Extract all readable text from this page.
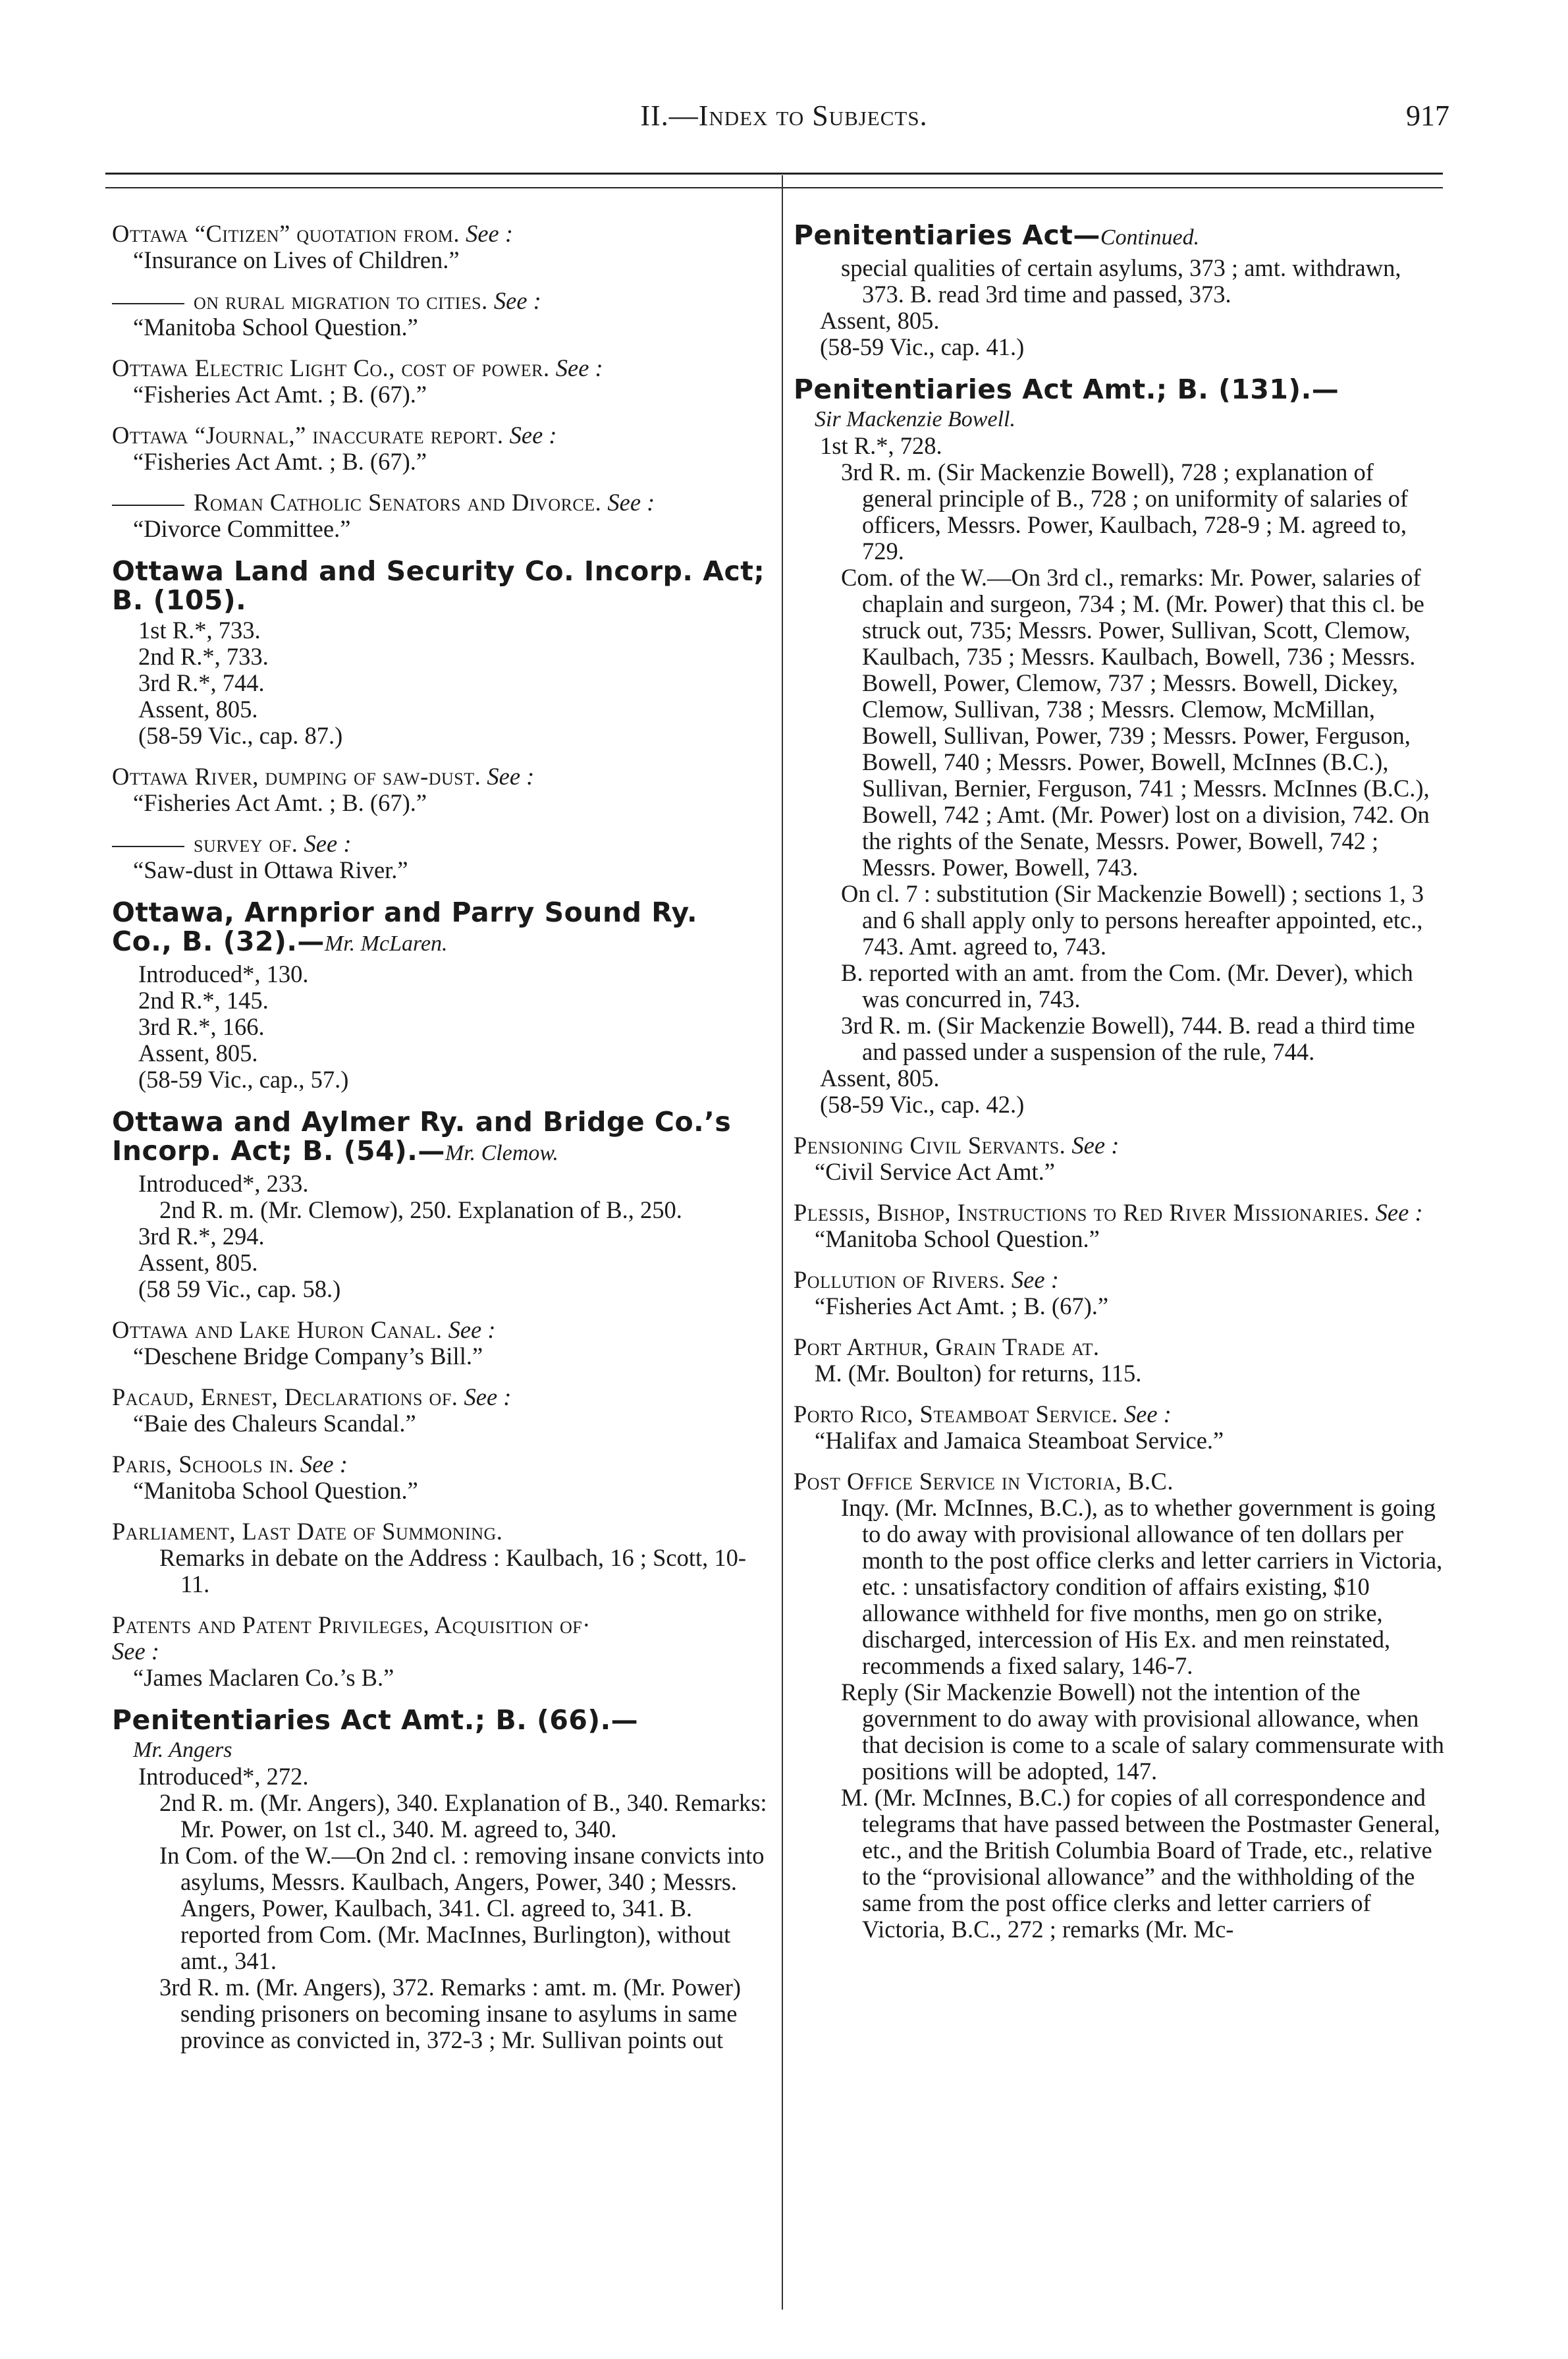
II.—Index to Subjects.	917
Ottawa “Citizen” quotation from. See :
“Insurance on Lives of Children.”
on rural migration to cities. See :
“Manitoba School Question.”
Ottawa Electric Light Co., cost of power. See :
“Fisheries Act Amt. ; B. (67).”
Ottawa “Journal,” inaccurate report. See :
“Fisheries Act Amt. ; B. (67).”
Roman Catholic Senators and Divorce. See :
“Divorce Committee.”
Ottawa Land and Security Co. Incorp. Act; B. (105).
1st R.*, 733.
2nd R.*, 733.
3rd R.*, 744.
Assent, 805.
(58-59 Vic., cap. 87.)
Ottawa River, dumping of saw-dust. See :
“Fisheries Act Amt. ; B. (67).”
survey of. See :
“Saw-dust in Ottawa River.”
Ottawa, Arnprior and Parry Sound Ry. Co., B. (32).—Mr. McLaren.
Introduced*, 130.
2nd R.*, 145.
3rd R.*, 166.
Assent, 805.
(58-59 Vic., cap., 57.)
Ottawa and Aylmer Ry. and Bridge Co.’s Incorp. Act; B. (54).—Mr. Clemow.
Introduced*, 233.
2nd R. m. (Mr. Clemow), 250. Explanation of B., 250.
3rd R.*, 294.
Assent, 805.
(58 59 Vic., cap. 58.)
Ottawa and Lake Huron Canal. See :
“Deschene Bridge Company’s Bill.”
Pacaud, Ernest, Declarations of. See :
“Baie des Chaleurs Scandal.”
Paris, Schools in. See :
“Manitoba School Question.”
Parliament, Last Date of Summoning.
Remarks in debate on the Address : Kaulbach, 16 ; Scott, 10-11.
Patents and Patent Privileges, Acquisition of·
See :
“James Maclaren Co.’s B.”
Penitentiaries Act Amt.; B. (66).—
Mr. Angers
Introduced*, 272.
2nd R. m. (Mr. Angers), 340. Explanation of B., 340. Remarks: Mr. Power, on 1st cl., 340. M. agreed to, 340.
In Com. of the W.—On 2nd cl. : removing insane convicts into asylums, Messrs. Kaulbach, Angers, Power, 340 ; Messrs. Angers, Power, Kaulbach, 341. Cl. agreed to, 341. B. reported from Com. (Mr. MacInnes, Burlington), without amt., 341.
3rd R. m. (Mr. Angers), 372. Remarks : amt. m. (Mr. Power) sending prisoners on becoming insane to asylums in same province as convicted in, 372-3 ; Mr. Sullivan points out
Penitentiaries Act—Continued.
special qualities of certain asylums, 373 ; amt. withdrawn, 373. B. read 3rd time and passed, 373.
Assent, 805.
(58-59 Vic., cap. 41.)
Penitentiaries Act Amt.; B. (131).—
Sir Mackenzie Bowell.
1st R.*, 728.
3rd R. m. (Sir Mackenzie Bowell), 728 ; explanation of general principle of B., 728 ; on uniformity of salaries of officers, Messrs. Power, Kaulbach, 728-9 ; M. agreed to, 729.
Com. of the W.—On 3rd cl., remarks: Mr. Power, salaries of chaplain and surgeon, 734 ; M. (Mr. Power) that this cl. be struck out, 735; Messrs. Power, Sullivan, Scott, Clemow, Kaulbach, 735 ; Messrs. Kaulbach, Bowell, 736 ; Messrs. Bowell, Power, Clemow, 737 ; Messrs. Bowell, Dickey, Clemow, Sullivan, 738 ; Messrs. Clemow, McMillan, Bowell, Sullivan, Power, 739 ; Messrs. Power, Ferguson, Bowell, 740 ; Messrs. Power, Bowell, McInnes (B.C.), Sullivan, Bernier, Ferguson, 741 ; Messrs. McInnes (B.C.), Bowell, 742 ; Amt. (Mr. Power) lost on a division, 742. On the rights of the Senate, Messrs. Power, Bowell, 742 ; Messrs. Power, Bowell, 743.
On cl. 7 : substitution (Sir Mackenzie Bowell) ; sections 1, 3 and 6 shall apply only to persons hereafter appointed, etc., 743. Amt. agreed to, 743.
B. reported with an amt. from the Com. (Mr. Dever), which was concurred in, 743.
3rd R. m. (Sir Mackenzie Bowell), 744. B. read a third time and passed under a suspension of the rule, 744.
Assent, 805.
(58-59 Vic., cap. 42.)
Pensioning Civil Servants. See :
“Civil Service Act Amt.”
Plessis, Bishop, Instructions to Red River Missionaries. See :
“Manitoba School Question.”
Pollution of Rivers. See :
“Fisheries Act Amt. ; B. (67).”
Port Arthur, Grain Trade at.
M. (Mr. Boulton) for returns, 115.
Porto Rico, Steamboat Service. See :
“Halifax and Jamaica Steamboat Service.”
Post Office Service in Victoria, B.C.
Inqy. (Mr. McInnes, B.C.), as to whether government is going to do away with provisional allowance of ten dollars per month to the post office clerks and letter carriers in Victoria, etc. : unsatisfactory condition of affairs existing, $10 allowance withheld for five months, men go on strike, discharged, intercession of His Ex. and men reinstated, recommends a fixed salary, 146-7.
Reply (Sir Mackenzie Bowell) not the intention of the government to do away with provisional allowance, when that decision is come to a scale of salary commensurate with positions will be adopted, 147.
M. (Mr. McInnes, B.C.) for copies of all correspondence and telegrams that have passed between the Postmaster General, etc., and the British Columbia Board of Trade, etc., relative to the “provisional allowance” and the withholding of the same from the post office clerks and letter carriers of Victoria, B.C., 272 ; remarks (Mr. Mc-
